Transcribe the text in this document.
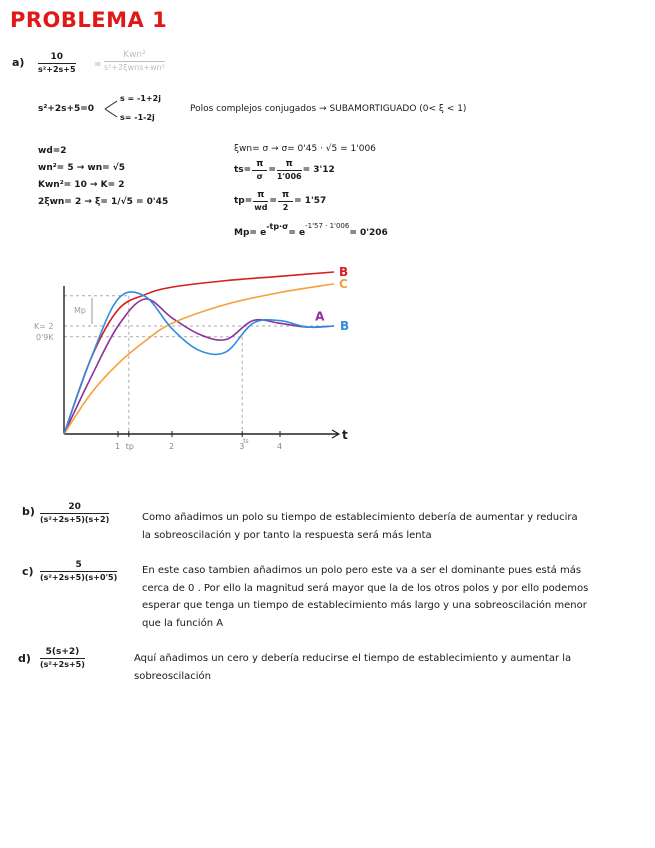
PROBLEMA 1
a)	10
s²+2s+5 =
Kwn²
s²+2ξwns+wn²
s²+2s+5=0
s = -1+2j
s= -1-2j
Polos complejos conjugados → SUBAMORTIGUADO (0< ξ < 1)
wd=2
wn²= 5 → wn= √5
Kwn²= 10 → K= 2
2ξwn= 2 → ξ= 1/√5 = 0'45
ξwn= σ → σ= 0'45 · √5 = 1'006
$ts= \frac{\pi}{\sigma} = \frac{\pi}{1'006} = 3'12$
$tp= \frac{\pi}{wd} = \frac{\pi}{2} = 1'57$
Mp= e
-tp·σ
= e
-1'57 · 1'006
= 0'206
Mp
t
K= 2
0'9K
1 tp	2	3	4
ts
B
C
A
B
b)	20
(s²+2s+5)(s+2)	Como añadimos un polo su tiempo de establecimiento debería de aumentar y reducira la sobreoscilación y por tanto la respuesta será más lenta
c)	5
(s²+2s+5)(s+0'5)
En este caso tambien añadimos un polo pero este va a ser el dominante pues está más cerca de 0 . Por ello la magnitud será mayor que la de los otros polos y por ello podemos esperar que tenga un tiempo de establecimiento más largo y una sobreoscilación menor que la función A
d)	5(s+2)
(s²+2s+5)
Aquí añadimos un cero y debería reducirse el tiempo de establecimiento y aumentar la sobreoscilación
